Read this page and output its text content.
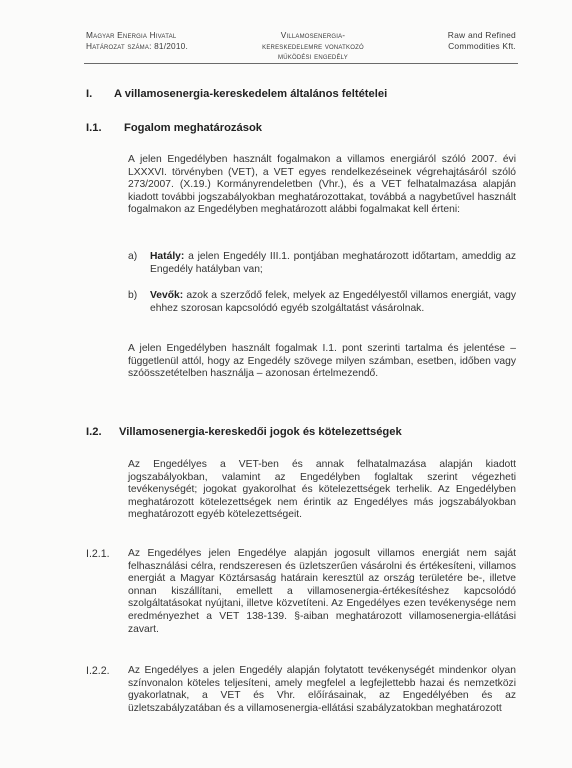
Magyar Energia Hivatal
Határozat száma: 81/2010.
Villamosenergia-
kereskedelemre vonatkozó
működési engedély
Raw and Refined
Commodities Kft.
I. A villamosenergia-kereskedelem általános feltételei
I.1. Fogalom meghatározások
A jelen Engedélyben használt fogalmakon a villamos energiáról szóló 2007. évi LXXXVI. törvényben (VET), a VET egyes rendelkezéseinek végrehajtásáról szóló 273/2007. (X.19.) Kormányrendeletben (Vhr.), és a VET felhatalmazása alapján kiadott további jogszabályokban meghatározottakat, továbbá a nagybetűvel használt fogalmakon az Engedélyben meghatározott alábbi fogalmakat kell érteni:
a) Hatály: a jelen Engedély III.1. pontjában meghatározott időtartam, ameddig az Engedély hatályban van;
b) Vevők: azok a szerződő felek, melyek az Engedélyestől villamos energiát, vagy ehhez szorosan kapcsolódó egyéb szolgáltatást vásárolnak.
A jelen Engedélyben használt fogalmak I.1. pont szerinti tartalma és jelentése – függetlenül attól, hogy az Engedély szövege milyen számban, esetben, időben vagy szóösszetételben használja – azonosan értelmezendő.
I.2. Villamosenergia-kereskedői jogok és kötelezettségek
Az Engedélyes a VET-ben és annak felhatalmazása alapján kiadott jogszabályokban, valamint az Engedélyben foglaltak szerint végezheti tevékenységét; jogokat gyakorolhat és kötelezettségek terhelik. Az Engedélyben meghatározott kötelezettségek nem érintik az Engedélyes más jogszabályokban meghatározott egyéb kötelezettségeit.
I.2.1. Az Engedélyes jelen Engedélye alapján jogosult villamos energiát nem saját felhasználási célra, rendszeresen és üzletszerűen vásárolni és értékesíteni, villamos energiát a Magyar Köztársaság határain keresztül az ország területére be-, illetve onnan kiszállítani, emellett a villamosenergia-értékesítéshez kapcsolódó szolgáltatásokat nyújtani, illetve közvetíteni. Az Engedélyes ezen tevékenysége nem eredményezhet a VET 138-139. §-aiban meghatározott villamosenergia-ellátási zavart.
I.2.2. Az Engedélyes a jelen Engedély alapján folytatott tevékenységét mindenkor olyan színvonalon köteles teljesíteni, amely megfelel a legfejlettebb hazai és nemzetközi gyakorlatnak, a VET és Vhr. előírásainak, az Engedélyében és az üzletszabályzatában és a villamosenergia-ellátási szabályzatokban meghatározott
